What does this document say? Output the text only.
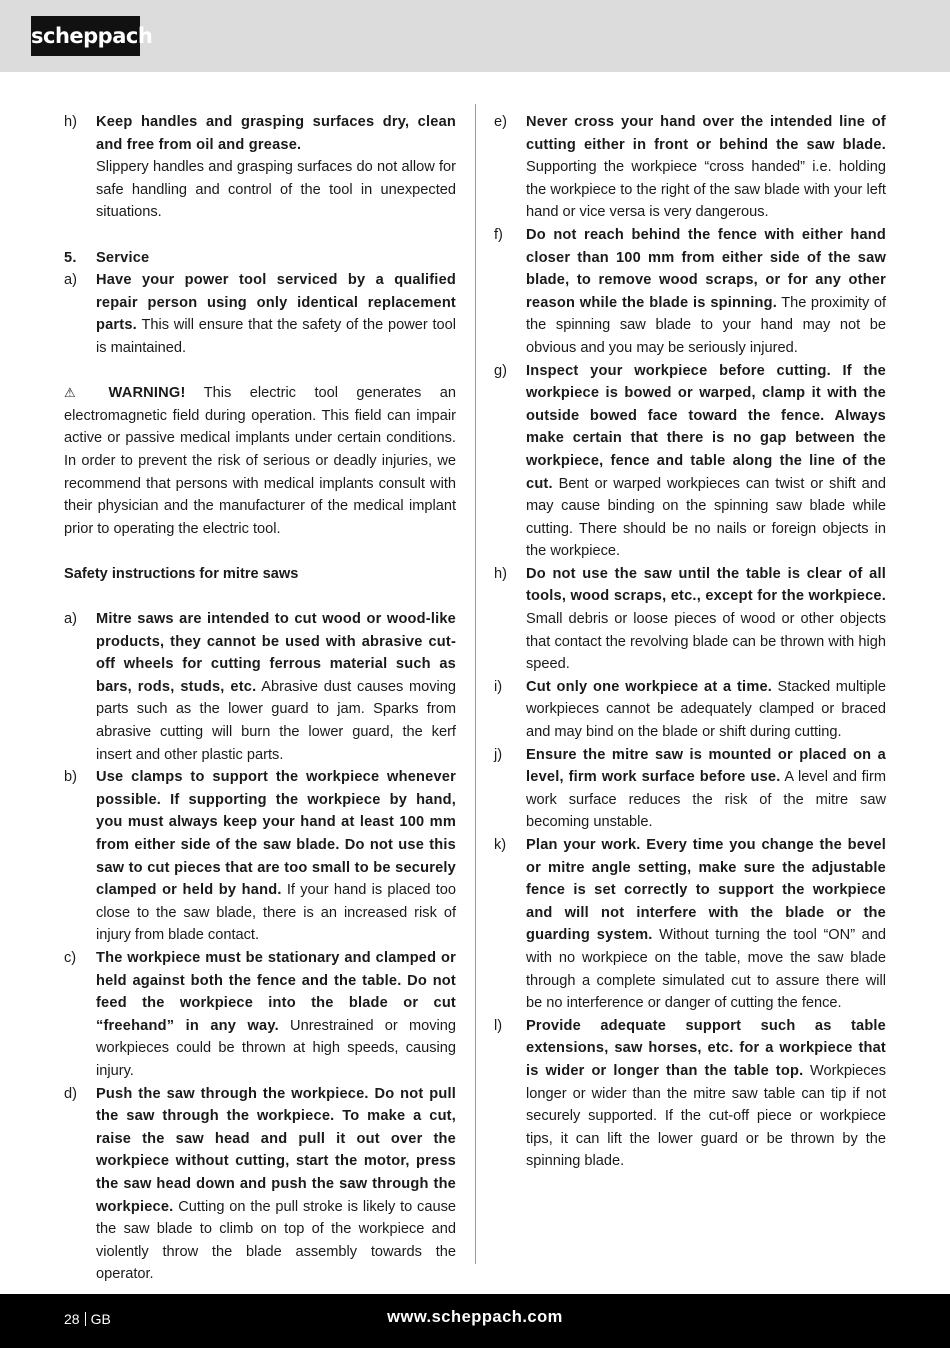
scheppach
h)	Keep handles and grasping surfaces dry, clean and free from oil and grease.
Slippery handles and grasping surfaces do not allow for safe handling and control of the tool in unexpected situations.
5.	Service
a)	Have your power tool serviced by a qualified repair person using only identical replacement parts. This will ensure that the safety of the power tool is maintained.
⚠ WARNING! This electric tool generates an electromagnetic field during operation. This field can impair active or passive medical implants under certain conditions. In order to prevent the risk of serious or deadly injuries, we recommend that persons with medical implants consult with their physician and the manufacturer of the medical implant prior to operating the electric tool.
Safety instructions for mitre saws
a)	Mitre saws are intended to cut wood or wood-like products, they cannot be used with abrasive cut-off wheels for cutting ferrous material such as bars, rods, studs, etc. Abrasive dust causes moving parts such as the lower guard to jam. Sparks from abrasive cutting will burn the lower guard, the kerf insert and other plastic parts.
b)	Use clamps to support the workpiece whenever possible. If supporting the workpiece by hand, you must always keep your hand at least 100 mm from either side of the saw blade. Do not use this saw to cut pieces that are too small to be securely clamped or held by hand. If your hand is placed too close to the saw blade, there is an increased risk of injury from blade contact.
c)	The workpiece must be stationary and clamped or held against both the fence and the table. Do not feed the workpiece into the blade or cut “freehand” in any way. Unrestrained or moving workpieces could be thrown at high speeds, causing injury.
d)	Push the saw through the workpiece. Do not pull the saw through the workpiece. To make a cut, raise the saw head and pull it out over the workpiece without cutting, start the motor, press the saw head down and push the saw through the workpiece. Cutting on the pull stroke is likely to cause the saw blade to climb on top of the workpiece and violently throw the blade assembly towards the operator.
e)	Never cross your hand over the intended line of cutting either in front or behind the saw blade. Supporting the workpiece “cross handed” i.e. holding the workpiece to the right of the saw blade with your left hand or vice versa is very dangerous.
f)	Do not reach behind the fence with either hand closer than 100 mm from either side of the saw blade, to remove wood scraps, or for any other reason while the blade is spinning. The proximity of the spinning saw blade to your hand may not be obvious and you may be seriously injured.
g)	Inspect your workpiece before cutting. If the workpiece is bowed or warped, clamp it with the outside bowed face toward the fence. Always make certain that there is no gap between the workpiece, fence and table along the line of the cut. Bent or warped workpieces can twist or shift and may cause binding on the spinning saw blade while cutting. There should be no nails or foreign objects in the workpiece.
h)	Do not use the saw until the table is clear of all tools, wood scraps, etc., except for the workpiece. Small debris or loose pieces of wood or other objects that contact the revolving blade can be thrown with high speed.
i)	Cut only one workpiece at a time. Stacked multiple workpieces cannot be adequately clamped or braced and may bind on the blade or shift during cutting.
j)	Ensure the mitre saw is mounted or placed on a level, firm work surface before use. A level and firm work surface reduces the risk of the mitre saw becoming unstable.
k)	Plan your work. Every time you change the bevel or mitre angle setting, make sure the adjustable fence is set correctly to support the workpiece and will not interfere with the blade or the guarding system. Without turning the tool “ON” and with no workpiece on the table, move the saw blade through a complete simulated cut to assure there will be no interference or danger of cutting the fence.
l)	Provide adequate support such as table extensions, saw horses, etc. for a workpiece that is wider or longer than the table top. Workpieces longer or wider than the mitre saw table can tip if not securely supported. If the cut-off piece or workpiece tips, it can lift the lower guard or be thrown by the spinning blade.
28 GB	www.scheppach.com
